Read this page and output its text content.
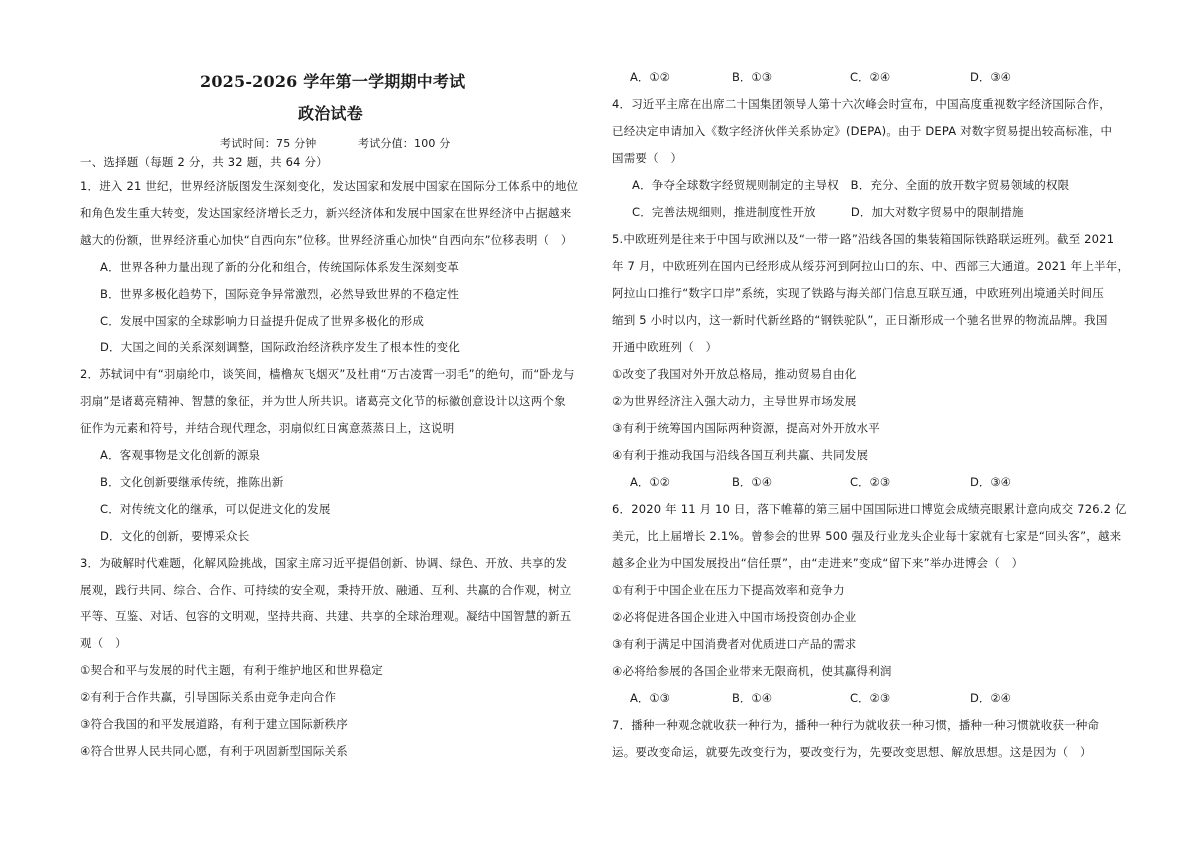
2025-2026 学年第一学期期中考试
政治试卷
考试时间：75 分钟	考试分值：100 分
一、选择题（每题 2 分，共 32 题，共 64 分）
1．进入 21 世纪，世界经济版图发生深刻变化，发达国家和发展中国家在国际分工体系中的地位
和角色发生重大转变，发达国家经济增长乏力，新兴经济体和发展中国家在世界经济中占据越来
越大的份额，世界经济重心加快“自西向东”位移。世界经济重心加快“自西向东”位移表明（　）
A．世界各种力量出现了新的分化和组合，传统国际体系发生深刻变革
B．世界多极化趋势下，国际竞争异常激烈，必然导致世界的不稳定性
C．发展中国家的全球影响力日益提升促成了世界多极化的形成
D．大国之间的关系深刻调整，国际政治经济秩序发生了根本性的变化
2．苏轼词中有“羽扇纶巾，谈笑间，樯橹灰飞烟灭”及杜甫“万古凌霄一羽毛”的绝句，而“卧龙与
羽扇”是诸葛亮精神、智慧的象征，并为世人所共识。诸葛亮文化节的标徽创意设计以这两个象
征作为元素和符号，并结合现代理念，羽扇似红日寓意蒸蒸日上，这说明
A．客观事物是文化创新的源泉
B．文化创新要继承传统，推陈出新
C．对传统文化的继承，可以促进文化的发展
D．文化的创新，要博采众长
3．为破解时代难题，化解风险挑战，国家主席习近平提倡创新、协调、绿色、开放、共享的发
展观，践行共同、综合、合作、可持续的安全观，秉持开放、融通、互利、共赢的合作观，树立
平等、互鉴、对话、包容的文明观，坚持共商、共建、共享的全球治理观。凝结中国智慧的新五
观（　）
①契合和平与发展的时代主题，有利于维护地区和世界稳定
②有利于合作共赢，引导国际关系由竞争走向合作
③符合我国的和平发展道路，有利于建立国际新秩序
④符合世界人民共同心愿，有利于巩固新型国际关系
A．①②	B．①③	C．②④	D．③④
4．习近平主席在出席二十国集团领导人第十六次峰会时宣布，中国高度重视数字经济国际合作，
已经决定申请加入《数字经济伙伴关系协定》(DEPA)。由于 DEPA 对数字贸易提出较高标准，中
国需要（　）
A．争夺全球数字经贸规则制定的主导权　B．充分、全面的放开数字贸易领域的权限
C．完善法规细则，推进制度性开放　　　D．加大对数字贸易中的限制措施
5.中欧班列是往来于中国与欧洲以及“一带一路”沿线各国的集装箱国际铁路联运班列。截至 2021
年 7 月，中欧班列在国内已经形成从绥芬河到阿拉山口的东、中、西部三大通道。2021 年上半年，
阿拉山口推行“数字口岸”系统，实现了铁路与海关部门信息互联互通，中欧班列出境通关时间压
缩到 5 小时以内，这一新时代新丝路的“钢铁驼队”，正日渐形成一个驰名世界的物流品牌。我国
开通中欧班列（　）
①改变了我国对外开放总格局，推动贸易自由化
②为世界经济注入强大动力，主导世界市场发展
③有利于统筹国内国际两种资源，提高对外开放水平
④有利于推动我国与沿线各国互利共赢、共同发展
A．①②	B．①④	C．②③	D．③④
6．2020 年 11 月 10 日，落下帷幕的第三届中国国际进口博览会成绩亮眼累计意向成交 726.2 亿
美元，比上届增长 2.1%。曾参会的世界 500 强及行业龙头企业每十家就有七家是“回头客”，越来
越多企业为中国发展投出“信任票”，由“走进来”变成“留下来”举办进博会（　）
①有利于中国企业在压力下提高效率和竞争力
②必将促进各国企业进入中国市场投资创办企业
③有利于满足中国消费者对优质进口产品的需求
④必将给参展的各国企业带来无限商机，使其赢得利润
A．①③	B．①④	C．②③	D．②④
7．播种一种观念就收获一种行为，播种一种行为就收获一种习惯，播种一种习惯就收获一种命
运。要改变命运，就要先改变行为，要改变行为，先要改变思想、解放思想。这是因为（　）
